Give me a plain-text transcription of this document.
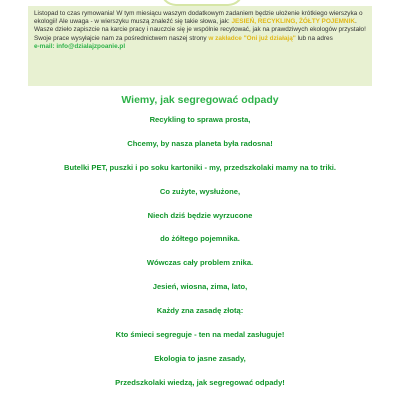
Listopad to czas rymowania! W tym miesiącu waszym dodatkowym zadaniem będzie ułożenie krótkiego wierszyka o ekologii! Ale uwaga - w wierszyku muszą znaleźć się takie słowa, jak: JESIEŃ, RECYKLING, ŻÓŁTY POJEMNIK. Wasze dzieło zapiszcie na karcie pracy i nauczcie się je wspólnie recytować, jak na prawdziwych ekologów przystało!

Swoje prace wysyłajcie nam za pośrednictwem naszej strony w zakładce "Oni już działają" lub na adres

e-mail: info@dzialajzpoanie.pl

Wiemy, jak segregować odpady
Recykling to sprawa prosta,
Chcemy, by nasza planeta była radosna!
Butelki PET, puszki i po soku kartoniki - my, przedszkolaki mamy na to triki.
Co zużyte, wysłużone,
Niech dziś będzie wyrzucone
do żółtego pojemnika.
Wówczas cały problem znika.
Jesień, wiosna, zima, lato,
Każdy zna zasadę złotą:
Kto śmieci segreguje - ten na medal zasługuje!
Ekologia to jasne zasady,
Przedszkolaki wiedzą, jak segregować odpady!
